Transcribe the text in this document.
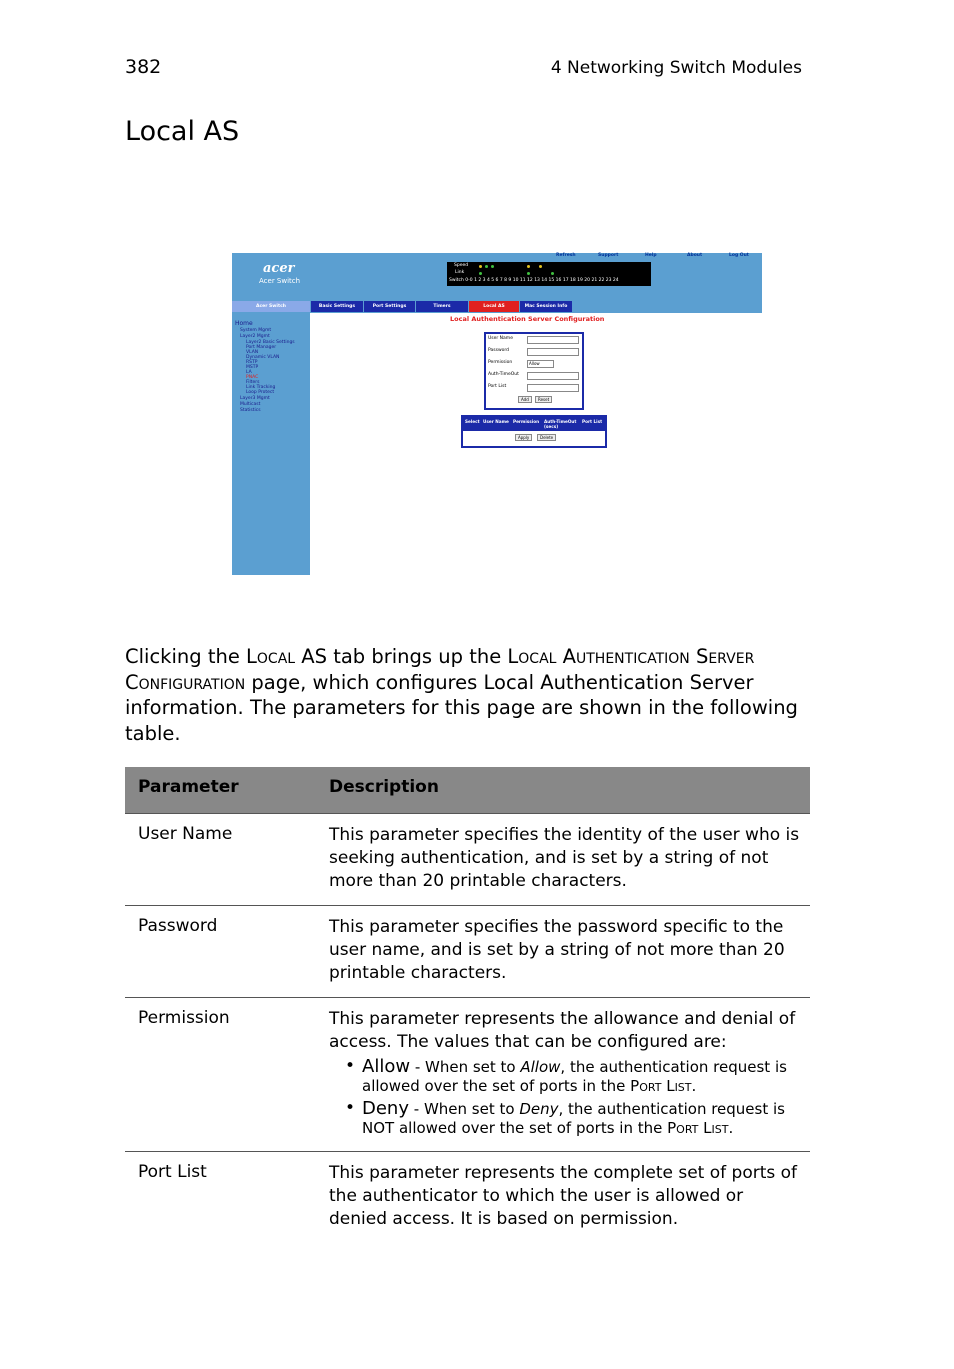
382	4 Networking Switch Modules
Local AS
acer
Acer Switch
Refresh	Support	Help	About	Log Out
Speed
Link
Switch 0-0 1 2 3 4 5 6 7 8 9 10 11 12 13 14 15 16 17 18 19 20 21 22 23 24
Acer Switch	Basic Settings	Port Settings	Timers	Local AS	Mac Session Info
Home
System Mgmt
Layer2 Mgmt
Layer2 Basic Settings
Port Manager
VLAN
Dynamic VLAN
RSTP
MSTP
LA
PNAC
Filters
Link Tracking
Loop Protect
Layer3 Mgmt
Multicast
Statistics
Local Authentication Server Configuration
User Name
Password
Permission	Allow
Auth-TimeOut
Port List
Add	Reset
Select User Name Permission Auth-TimeOut (secs)
Port List
Apply	Delete
Clicking the Local AS tab brings up the Local Authentication Server Configuration page, which configures Local Authentication Server information. The parameters for this page are shown in the following table.
Parameter	Description
User Name	This parameter specifies the identity of the user who is seeking authentication, and is set by a string of not more than 20 printable characters.
Password	This parameter specifies the password specific to the user name, and is set by a string of not more than 20 printable characters.
Permission	This parameter represents the allowance and denial of access. The values that can be configured are:
• Allow - When set to Allow, the authentication request is allowed over the set of ports in the Port List.
• Deny - When set to Deny, the authentication request is NOT allowed over the set of ports in the Port List.
Port List	This parameter represents the complete set of ports of the authenticator to which the user is allowed or denied access. It is based on permission.
